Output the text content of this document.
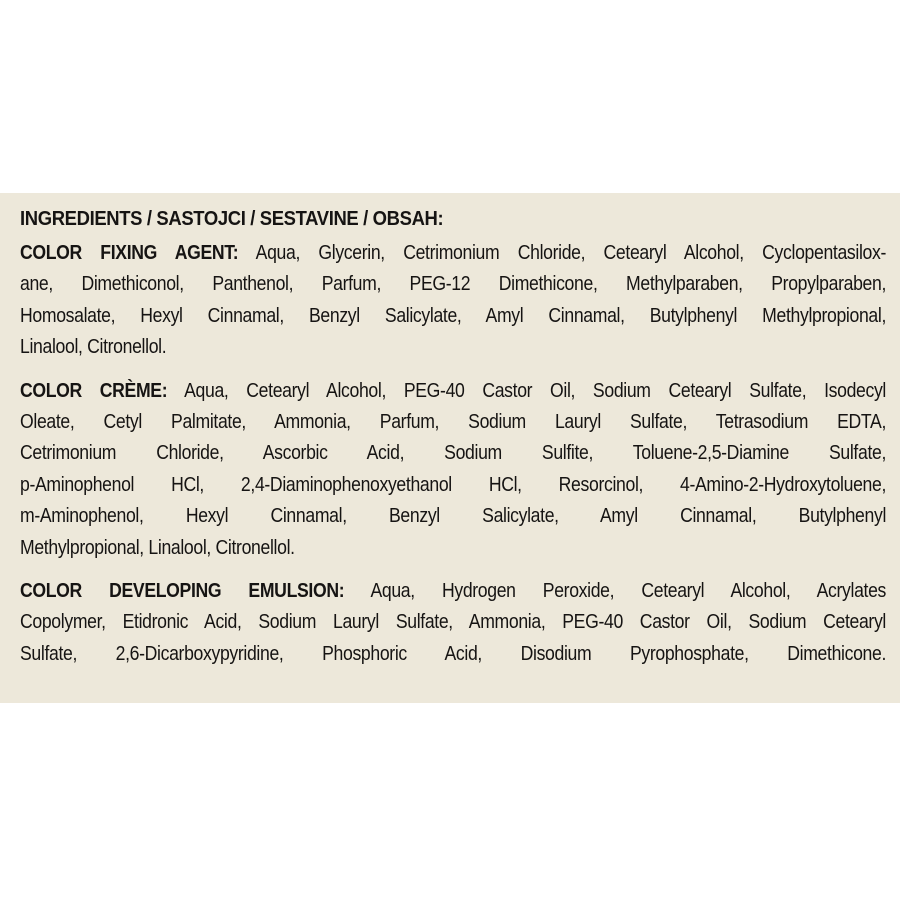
INGREDIENTS / SASTOJCI / SESTAVINE / OBSAH:
COLOR FIXING AGENT: Aqua, Glycerin, Cetrimonium Chloride, Cetearyl Alcohol, Cyclopentasilox-
ane, Dimethiconol, Panthenol, Parfum, PEG-12 Dimethicone, Methylparaben, Propylparaben,
Homosalate, Hexyl Cinnamal, Benzyl Salicylate, Amyl Cinnamal, Butylphenyl Methylpropional,
Linalool, Citronellol.
COLOR CRÈME: Aqua, Cetearyl Alcohol, PEG-40 Castor Oil, Sodium Cetearyl Sulfate, Isodecyl
Oleate, Cetyl Palmitate, Ammonia, Parfum, Sodium Lauryl Sulfate, Tetrasodium EDTA,
Cetrimonium Chloride, Ascorbic Acid, Sodium Sulfite, Toluene-2,5-Diamine Sulfate,
p-Aminophenol HCl, 2,4-Diaminophenoxyethanol HCl, Resorcinol, 4-Amino-2-Hydroxytoluene,
m-Aminophenol, Hexyl Cinnamal, Benzyl Salicylate, Amyl Cinnamal, Butylphenyl
Methylpropional, Linalool, Citronellol.
COLOR DEVELOPING EMULSION: Aqua, Hydrogen Peroxide, Cetearyl Alcohol, Acrylates
Copolymer, Etidronic Acid, Sodium Lauryl Sulfate, Ammonia, PEG-40 Castor Oil, Sodium Cetearyl
Sulfate, 2,6-Dicarboxypyridine, Phosphoric Acid, Disodium Pyrophosphate, Dimethicone.
